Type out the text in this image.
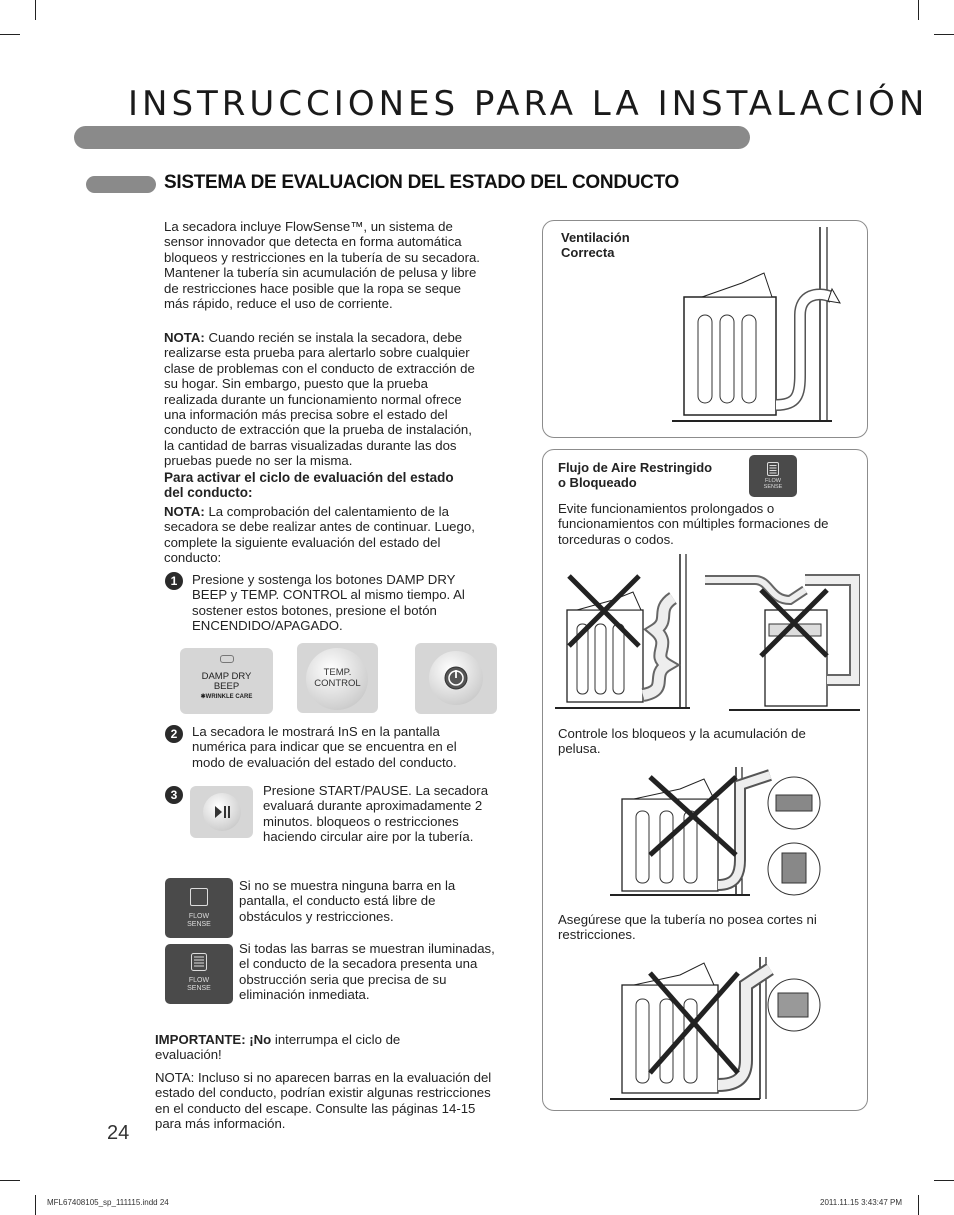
INSTRUCCIONES PARA LA INSTALACIÓN
SISTEMA DE EVALUACION DEL ESTADO DEL CONDUCTO
La secadora incluye FlowSense™, un sistema de sensor innovador que detecta en forma automática bloqueos y restricciones en la tubería de su secadora. Mantener la tubería sin acumulación de pelusa y libre de restricciones hace posible que la ropa se seque más rápido, reduce el uso de corriente.
NOTA: Cuando recién se instala la secadora, debe realizarse esta prueba para alertarlo sobre cualquier clase de problemas con el conducto de extracción de su hogar. Sin embargo, puesto que la prueba realizada durante un funcionamiento normal ofrece una información más precisa sobre el estado del conducto de extracción que la prueba de instalación, la cantidad de barras visualizadas durante las dos pruebas puede no ser la misma.
Para activar el ciclo de evaluación del estado del conducto:
NOTA: La comprobación del calentamiento de la secadora se debe realizar antes de continuar. Luego, complete la siguiente evaluación del estado del conducto:
1	Presione y sostenga los botones DAMP DRY BEEP y TEMP. CONTROL al mismo tiempo. Al sostener estos botones, presione el botón ENCENDIDO/APAGADO.
DAMP DRY
BEEP
✱WRINKLE CARE
TEMP.
CONTROL
2	La secadora le mostrará InS en la pantalla numérica para indicar que se encuentra en el modo de evaluación del estado del conducto.
3	Presione START/PAUSE. La secadora evaluará durante aproximadamente 2 minutos. bloqueos o restricciones haciendo circular aire por la tubería.
FLOW
SENSE
Si no se muestra ninguna barra en la pantalla, el conducto está libre de obstáculos y restricciones.
FLOW
SENSE
Si todas las barras se muestran iluminadas, el conducto de la secadora presenta una obstrucción seria que precisa de su eliminación inmediata.
IMPORTANTE: ¡No interrumpa el ciclo de evaluación!
NOTA: Incluso si no aparecen barras en la evaluación del estado del conducto, podrían existir algunas restricciones en el conducto del escape. Consulte las páginas 14-15 para más información.
24
Ventilación
Correcta
Flujo de Aire Restringido
o Bloqueado	FLOW
SENSE
Evite funcionamientos prolongados o funcionamientos con múltiples formaciones de torceduras o codos.
Controle los bloqueos y la acumulación de pelusa.
Asegúrese que la tubería no posea cortes ni restricciones.
MFL67408105_sp_111115.indd 24	2011.11.15 3:43:47 PM
